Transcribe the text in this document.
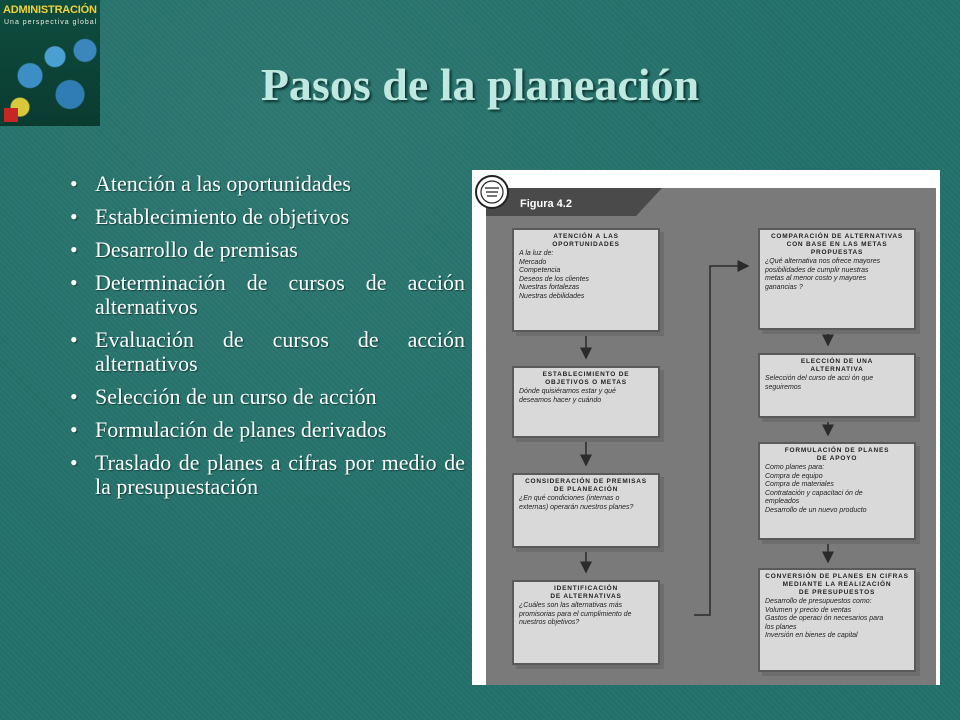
ADMINISTRACIÓN
Una perspectiva global
Pasos de la planeación
• Atención a las oportunidades
• Establecimiento de objetivos
• Desarrollo de premisas
• Determinación de cursos de acción alternativos
• Evaluación de cursos de acción alternativos
• Selección de un curso de acción
• Formulación de planes derivados
• Traslado de planes a cifras por medio de la presupuestación
Figura 4.2
ATENCIÓN A LAS
OPORTUNIDADES
A la luz de:
Mercado
Competencia
Deseos de los clientes
Nuestras fortalezas
Nuestras debilidades
ESTABLECIMIENTO DE
OBJETIVOS O METAS
Dónde quisiéramos estar y qué
deseamos hacer y cuándo
CONSIDERACIÓN DE PREMISAS
DE PLANEACIÓN
¿En qué condiciones (internas o
externas) operarán nuestros planes?
IDENTIFICACIÓN
DE ALTERNATIVAS
¿Cuáles son las alternativas más
promisorias para el cumplimiento de
nuestros objetivos?
COMPARACIÓN DE ALTERNATIVAS
CON BASE EN LAS METAS
PROPUESTAS
¿Qué alternativa nos ofrece mayores
posibilidades de cumplir nuestras
metas al menor costo y mayores
ganancias ?
ELECCIÓN DE UNA
ALTERNATIVA
Selección del curso de acci ón que
seguiremos
FORMULACIÓN DE PLANES
DE APOYO
Como planes para:
Compra de equipo
Compra de materiales
Contratación y capacitaci ón de
empleados
Desarrollo de un nuevo producto
CONVERSIÓN DE PLANES EN CIFRAS
MEDIANTE LA REALIZACIÓN
DE PRESUPUESTOS
Desarrollo de presupuestos como:
Volumen y precio de ventas
Gastos de operaci ón necesarios para
los planes
Inversión en bienes de capital
